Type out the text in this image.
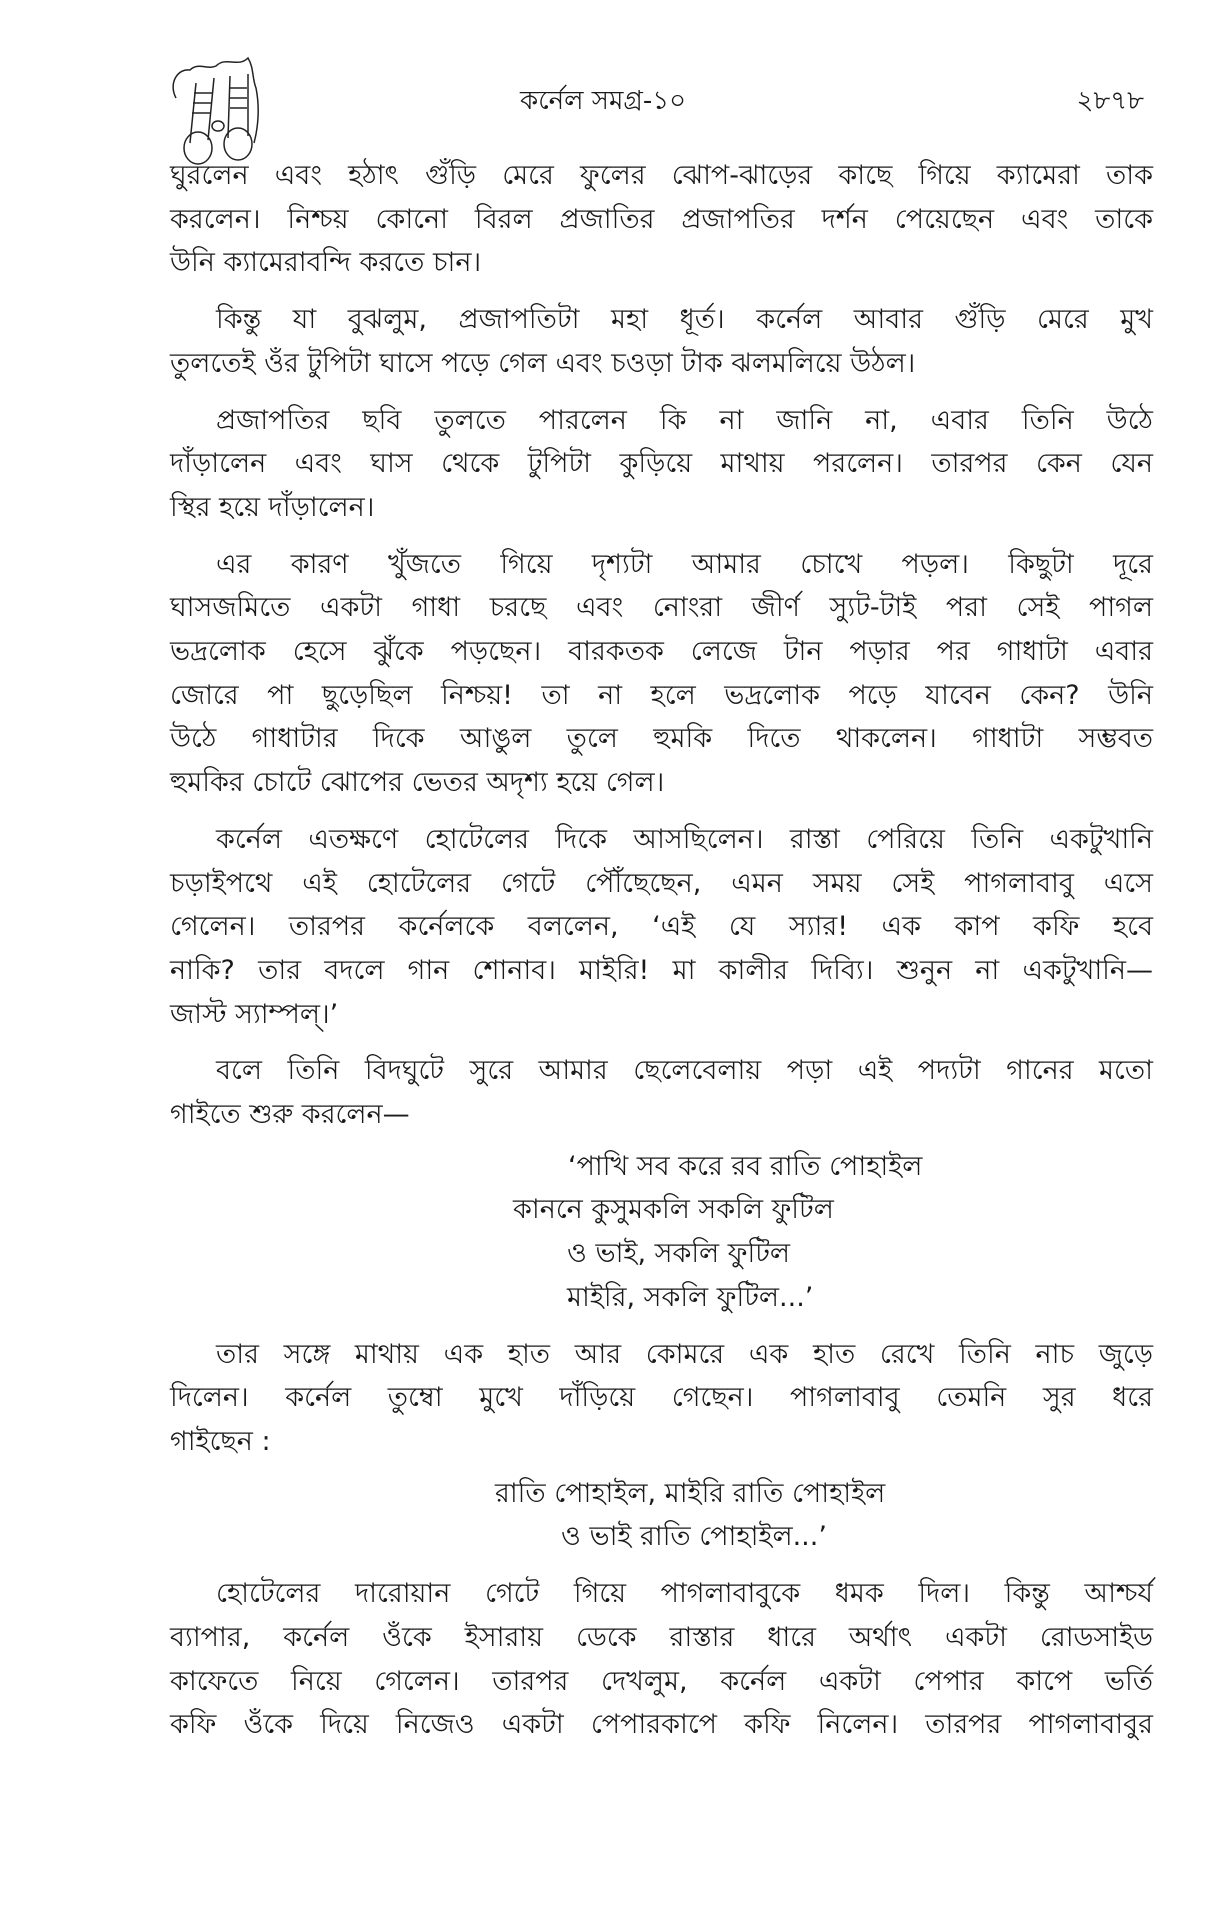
কর্নেল সমগ্র-১০	২৮৭৮
ঘুরলেন এবং হঠাৎ গুঁড়ি মেরে ফুলের ঝোপ-ঝাড়ের কাছে গিয়ে ক্যামেরা তাক
করলেন। নিশ্চয় কোনো বিরল প্রজাতির প্রজাপতির দর্শন পেয়েছেন এবং তাকে
উনি ক্যামেরাবন্দি করতে চান।
কিন্তু যা বুঝলুম, প্রজাপতিটা মহা ধূর্ত। কর্নেল আবার গুঁড়ি মেরে মুখ
তুলতেই ওঁর টুপিটা ঘাসে পড়ে গেল এবং চওড়া টাক ঝলমলিয়ে উঠল।
প্রজাপতির ছবি তুলতে পারলেন কি না জানি না, এবার তিনি উঠে
দাঁড়ালেন এবং ঘাস থেকে টুপিটা কুড়িয়ে মাথায় পরলেন। তারপর কেন যেন
স্থির হয়ে দাঁড়ালেন।
এর কারণ খুঁজতে গিয়ে দৃশ্যটা আমার চোখে পড়ল। কিছুটা দূরে
ঘাসজমিতে একটা গাধা চরছে এবং নোংরা জীর্ণ স্যুট-টাই পরা সেই পাগল
ভদ্রলোক হেসে ঝুঁকে পড়ছেন। বারকতক লেজে টান পড়ার পর গাধাটা এবার
জোরে পা ছুড়েছিল নিশ্চয়! তা না হলে ভদ্রলোক পড়ে যাবেন কেন? উনি
উঠে গাধাটার দিকে আঙুল তুলে হুমকি দিতে থাকলেন। গাধাটা সম্ভবত
হুমকির চোটে ঝোপের ভেতর অদৃশ্য হয়ে গেল।
কর্নেল এতক্ষণে হোটেলের দিকে আসছিলেন। রাস্তা পেরিয়ে তিনি একটুখানি
চড়াইপথে এই হোটেলের গেটে পৌঁছেছেন, এমন সময় সেই পাগলাবাবু এসে
গেলেন। তারপর কর্নেলকে বললেন, ‘এই যে স্যার! এক কাপ কফি হবে
নাকি? তার বদলে গান শোনাব। মাইরি! মা কালীর দিব্যি। শুনুন না একটুখানি—
জাস্ট স্যাম্পল্‌।’
বলে তিনি বিদঘুটে সুরে আমার ছেলেবেলায় পড়া এই পদ্যটা গানের মতো
গাইতে শুরু করলেন—
‘পাখি সব করে রব রাতি পোহাইল
কাননে কুসুমকলি সকলি ফুটিল
ও ভাই, সকলি ফুটিল
মাইরি, সকলি ফুটিল...’
তার সঙ্গে মাথায় এক হাত আর কোমরে এক হাত রেখে তিনি নাচ জুড়ে
দিলেন। কর্নেল তুম্বো মুখে দাঁড়িয়ে গেছেন। পাগলাবাবু তেমনি সুর ধরে
গাইছেন :
রাতি পোহাইল, মাইরি রাতি পোহাইল
ও ভাই রাতি পোহাইল...’
হোটেলের দারোয়ান গেটে গিয়ে পাগলাবাবুকে ধমক দিল। কিন্তু আশ্চর্য
ব্যাপার, কর্নেল ওঁকে ইসারায় ডেকে রাস্তার ধারে অর্থাৎ একটা রোডসাইড
কাফেতে নিয়ে গেলেন। তারপর দেখলুম, কর্নেল একটা পেপার কাপে ভর্তি
কফি ওঁকে দিয়ে নিজেও একটা পেপারকাপে কফি নিলেন। তারপর পাগলাবাবুর
